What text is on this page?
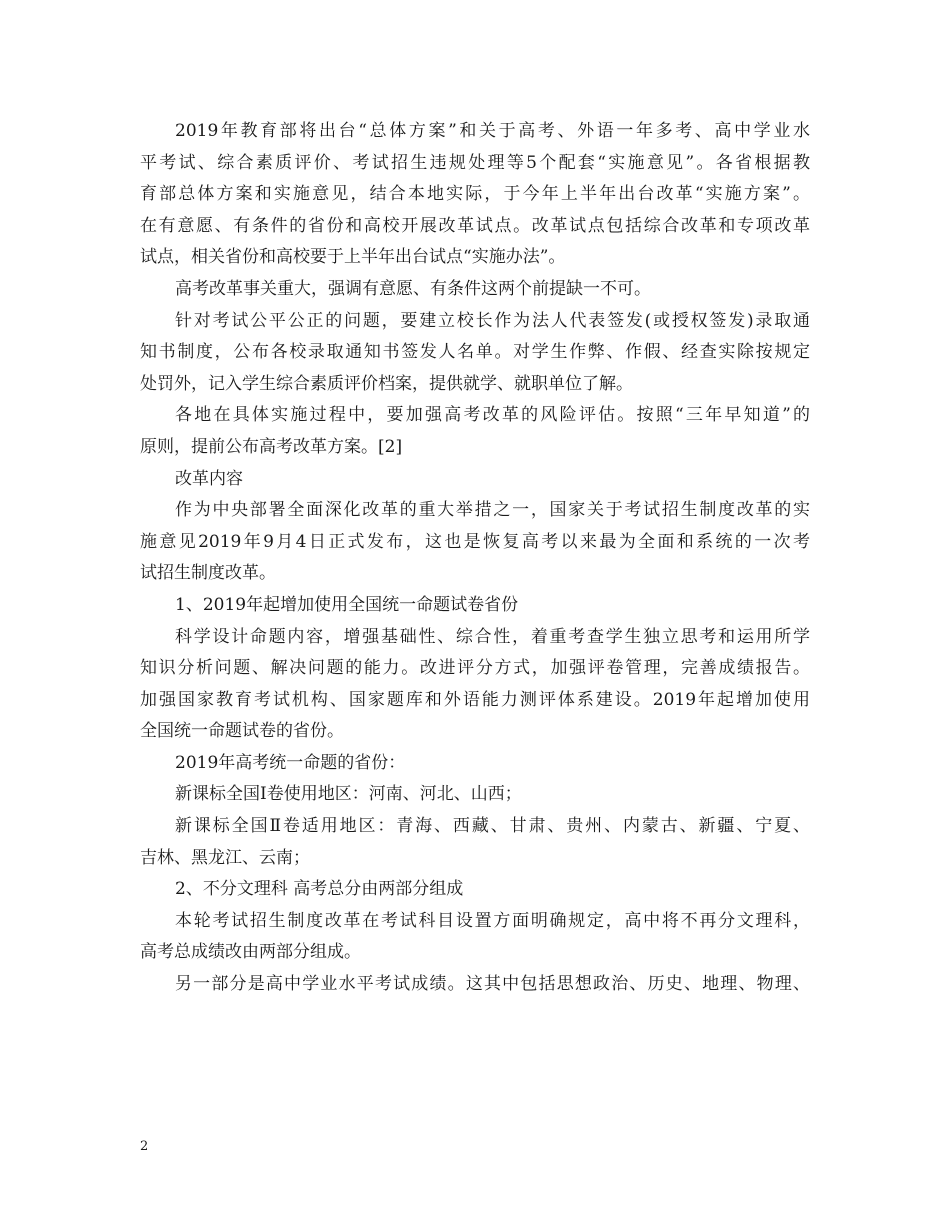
2019年教育部将出台“总体方案”和关于高考、外语一年多考、高中学业水
平考试、综合素质评价、考试招生违规处理等5个配套“实施意见”。各省根据教
育部总体方案和实施意见，结合本地实际，于今年上半年出台改革“实施方案”。
在有意愿、有条件的省份和高校开展改革试点。改革试点包括综合改革和专项改革
试点，相关省份和高校要于上半年出台试点“实施办法”。
高考改革事关重大，强调有意愿、有条件这两个前提缺一不可。
针对考试公平公正的问题，要建立校长作为法人代表签发(或授权签发)录取通
知书制度，公布各校录取通知书签发人名单。对学生作弊、作假、经查实除按规定
处罚外，记入学生综合素质评价档案，提供就学、就职单位了解。
各地在具体实施过程中，要加强高考改革的风险评估。按照“三年早知道”的
原则，提前公布高考改革方案。[2]
改革内容
作为中央部署全面深化改革的重大举措之一，国家关于考试招生制度改革的实
施意见2019年9月4日正式发布，这也是恢复高考以来最为全面和系统的一次考
试招生制度改革。
1、2019年起增加使用全国统一命题试卷省份
科学设计命题内容，增强基础性、综合性，着重考查学生独立思考和运用所学
知识分析问题、解决问题的能力。改进评分方式，加强评卷管理，完善成绩报告。
加强国家教育考试机构、国家题库和外语能力测评体系建设。2019年起增加使用
全国统一命题试卷的省份。
2019年高考统一命题的省份：
新课标全国Ⅰ卷使用地区：河南、河北、山西；
新课标全国Ⅱ卷适用地区：青海、西藏、甘肃、贵州、内蒙古、新疆、宁夏、
吉林、黑龙江、云南；
2、不分文理科 高考总分由两部分组成
本轮考试招生制度改革在考试科目设置方面明确规定，高中将不再分文理科，
高考总成绩改由两部分组成。
另一部分是高中学业水平考试成绩。这其中包括思想政治、历史、地理、物理、
2
